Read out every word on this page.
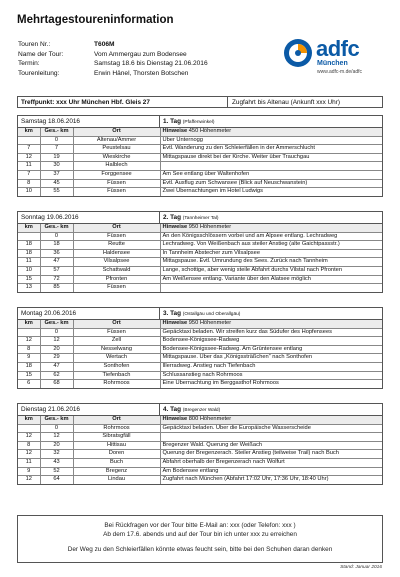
Mehrtagestoureninformation
Touren Nr.:	T606M
Name der Tour:	Vom Ammergau zum Bodensee
Termin:	Samstag 18.6 bis Dienstag 21.06.2016
Tourenleitung:	Erwin Hänel, Thorsten Botschen
adfc
München
www.adfc-m.de/adfc
Treffpunkt: xxx Uhr München Hbf. Gleis 27	Zugfahrt bis Altenau (Ankunft xxx Uhr)
Samstag 18.06.2016	1. Tag (Pfaffenwinkel)
km	Ges.- km	Ort	Hinweise 450 Höhenmeter
	0	Altenau/Ammer	Über Unternogg
7	7	Peustelsau	Evtl. Wanderung zu den Schleierfällen in der Ammerschlucht
12	19	Wieskirche	Mittagspause direkt bei der Kirche. Weiter über Trauchgau
11	30	Halblech	
7	37	Forggensee	Am See entlang über Waltenhofen
8	45	Füssen	Evtl. Ausflug zum Schwansee (Blick auf Neuschwanstein)
10	55	Füssen	Zwei Übernachtungen im Hotel Ludwigs
Sonntag 19.06.2016	2. Tag (Tannheimer Tal)
km	Ges.- km	Ort	Hinweise 950 Höhenmeter
	0	Füssen	An den Königsschlössern vorbei und am Alpsee entlang. Lechradweg
18	18	Reutte	Lechradweg. Von Weißenbach aus steiler Anstieg (alte Gaichtpassstr.)
18	36	Haldensee	In Tannheim Abstecher zum Vilsalpsee
11	47	Vilsalpsee	Mittagspause. Evtl. Umrundung des Sees. Zurück nach Tannheim
10	57	Schattwald	Lange, schottige, aber wenig steile Abfahrt durchs Vilstal nach Pfronten
15	72	Pfronten	Am Weißensee entlang. Variante über den Alatsee möglich
13	85	Füssen	
Montag 20.06.2016	3. Tag (Ostallgäu und Oberallgäu)
km	Ges.- km	Ort	Hinweise 950 Höhenmeter
	0	Füssen	Gepäcktaxi beladen. Wir streifen kurz das Südufer des Hopfensees
12	12	Zell	Bodensee-Königssee-Radweg
8	20	Nesselwang	Bodensee-Königssee-Radweg. Am Grüntensee entlang
9	29	Wertach	Mittagspause. Über das „Königssträßchen“ nach Sonthofen
18	47	Sonthofen	Illerradweg. Anstieg nach Tiefenbach
15	62	Tiefenbach	Schlussanstieg nach Rohrmoos
6	68	Rohrmoos	Eine Übernachtung im Berggasthof Rohrmoos
Dienstag 21.06.2016	4. Tag (Bregenzer Wald)
km	Ges.- km	Ort	Hinweise 800 Höhenmeter
	0	Rohrmoos	Gepäcktaxi beladen. Über die Europäische Wasserscheide
12	12	Sibratsgfäll	
8	20	Hittisau	Bregenzer Wald. Querung der Weißach
12	32	Doren	Querung der Bregenzerach. Steiler Anstieg (teilweise Trail) nach Buch
11	43	Buch	Abfahrt oberhalb der Bregenzerach nach Wolfurt
9	52	Bregenz	Am Bodensee entlang
12	64	Lindau	Zugfahrt nach München (Abfahrt 17:02 Uhr, 17:36 Uhr, 18:40 Uhr)
Bei Rückfragen vor der Tour bitte E-Mail an: xxx (oder Telefon: xxx )
Ab dem 17.6. abends und auf der Tour bin ich unter xxx zu erreichen
Der Weg zu den Schleierfällen könnte etwas feucht sein, bitte bei den Schuhen daran denken
Stand: Januar 2016
